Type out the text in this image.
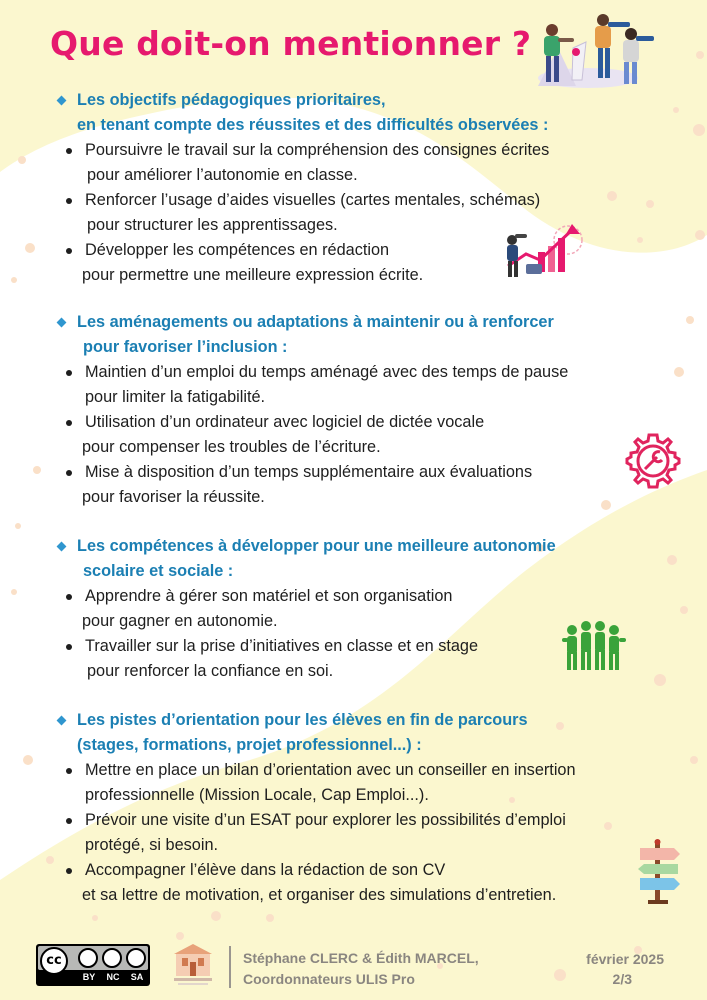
Que doit-on mentionner ?
Les objectifs pédagogiques prioritaires,
en tenant compte des réussites et des difficultés observées :
Poursuivre le travail sur la compréhension des consignes écrites
pour améliorer l’autonomie en classe.
Renforcer l’usage d’aides visuelles (cartes mentales, schémas)
pour structurer les apprentissages.
Développer les compétences en rédaction
pour permettre une meilleure expression écrite.
Les aménagements ou adaptations à maintenir ou à renforcer
pour favoriser l’inclusion :
Maintien d’un emploi du temps aménagé avec des temps de pause
pour limiter la fatigabilité.
Utilisation d’un ordinateur avec logiciel de dictée vocale
pour compenser les troubles de l’écriture.
Mise à disposition d’un temps supplémentaire aux évaluations
pour favoriser la réussite.
Les compétences à développer pour une meilleure autonomie
scolaire et sociale :
Apprendre à gérer son matériel et son organisation
pour gagner en autonomie.
Travailler sur la prise d’initiatives en classe et en stage
pour renforcer la confiance en soi.
Les pistes d’orientation pour les élèves en fin de parcours
(stages, formations, projet professionnel...) :
Mettre en place un bilan d’orientation avec un conseiller en insertion
professionnelle (Mission Locale, Cap Emploi...).
Prévoir une visite d’un ESAT pour explorer les possibilités d’emploi
protégé, si besoin.
Accompagner l’élève dans la rédaction de son CV
et sa lettre de motivation, et organiser des simulations d’entretien.
cc
BY	NC	SA
Stéphane CLERC & Édith MARCEL,
Coordonnateurs ULIS Pro
février 2025
2/3
